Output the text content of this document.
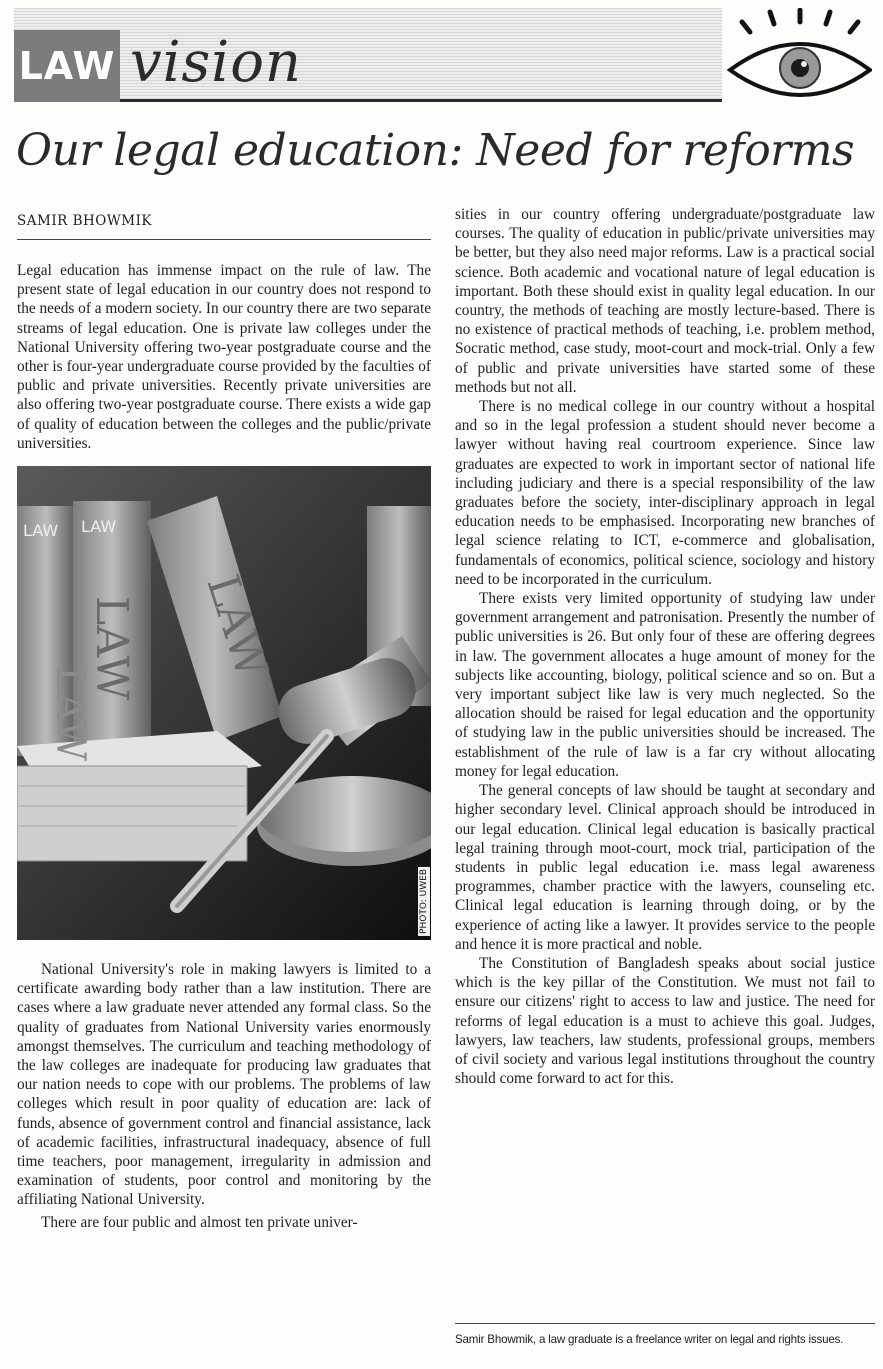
LAW vision
Our legal education: Need for reforms
SAMIR BHOWMIK

Legal education has immense impact on the rule of law. The present state of legal education in our country does not respond to the needs of a modern society. In our country there are two separate streams of legal education. One is private law colleges under the National University offering two-year postgraduate course and the other is four-year undergraduate course provided by the faculties of public and private universities. Recently private universities are also offering two-year postgraduate course. There exists a wide gap of quality of education between the colleges and the public/private universities.

LAW LAW
LAW
LAW LAW
PHOTO: UWEB

National University's role in making lawyers is limited to a certificate awarding body rather than a law institution. There are cases where a law graduate never attended any formal class. So the quality of graduates from National University varies enormously amongst themselves. The curriculum and teaching methodology of the law colleges are inadequate for producing law graduates that our nation needs to cope with our problems. The problems of law colleges which result in poor quality of education are: lack of funds, absence of government control and financial assistance, lack of academic facilities, infrastructural inadequacy, absence of full time teachers, poor management, irregularity in admission and examination of students, poor control and monitoring by the affiliating National University.

There are four public and almost ten private univer-

sities in our country offering undergraduate/postgraduate law courses. The quality of education in public/private universities may be better, but they also need major reforms. Law is a practical social science. Both academic and vocational nature of legal education is important. Both these should exist in quality legal education. In our country, the methods of teaching are mostly lecture-based. There is no existence of practical methods of teaching, i.e. problem method, Socratic method, case study, moot-court and mock-trial. Only a few of public and private universities have started some of these methods but not all.

There is no medical college in our country without a hospital and so in the legal profession a student should never become a lawyer without having real courtroom experience. Since law graduates are expected to work in important sector of national life including judiciary and there is a special responsibility of the law graduates before the society, inter-disciplinary approach in legal education needs to be emphasised. Incorporating new branches of legal science relating to ICT, e-commerce and globalisation, fundamentals of economics, political science, sociology and history need to be incorporated in the curriculum.

There exists very limited opportunity of studying law under government arrangement and patronisation. Presently the number of public universities is 26. But only four of these are offering degrees in law. The government allocates a huge amount of money for the subjects like accounting, biology, political science and so on. But a very important subject like law is very much neglected. So the allocation should be raised for legal education and the opportunity of studying law in the public universities should be increased. The establishment of the rule of law is a far cry without allocating money for legal education.

The general concepts of law should be taught at secondary and higher secondary level. Clinical approach should be introduced in our legal education. Clinical legal education is basically practical legal training through moot-court, mock trial, participation of the students in public legal education i.e. mass legal awareness programmes, chamber practice with the lawyers, counseling etc. Clinical legal education is learning through doing, or by the experience of acting like a lawyer. It provides service to the people and hence it is more practical and noble.

The Constitution of Bangladesh speaks about social justice which is the key pillar of the Constitution. We must not fail to ensure our citizens' right to access to law and justice. The need for reforms of legal education is a must to achieve this goal. Judges, lawyers, law teachers, law students, professional groups, members of civil society and various legal institutions throughout the country should come forward to act for this.

Samir Bhowmik, a law graduate is a freelance writer on legal and rights issues.
